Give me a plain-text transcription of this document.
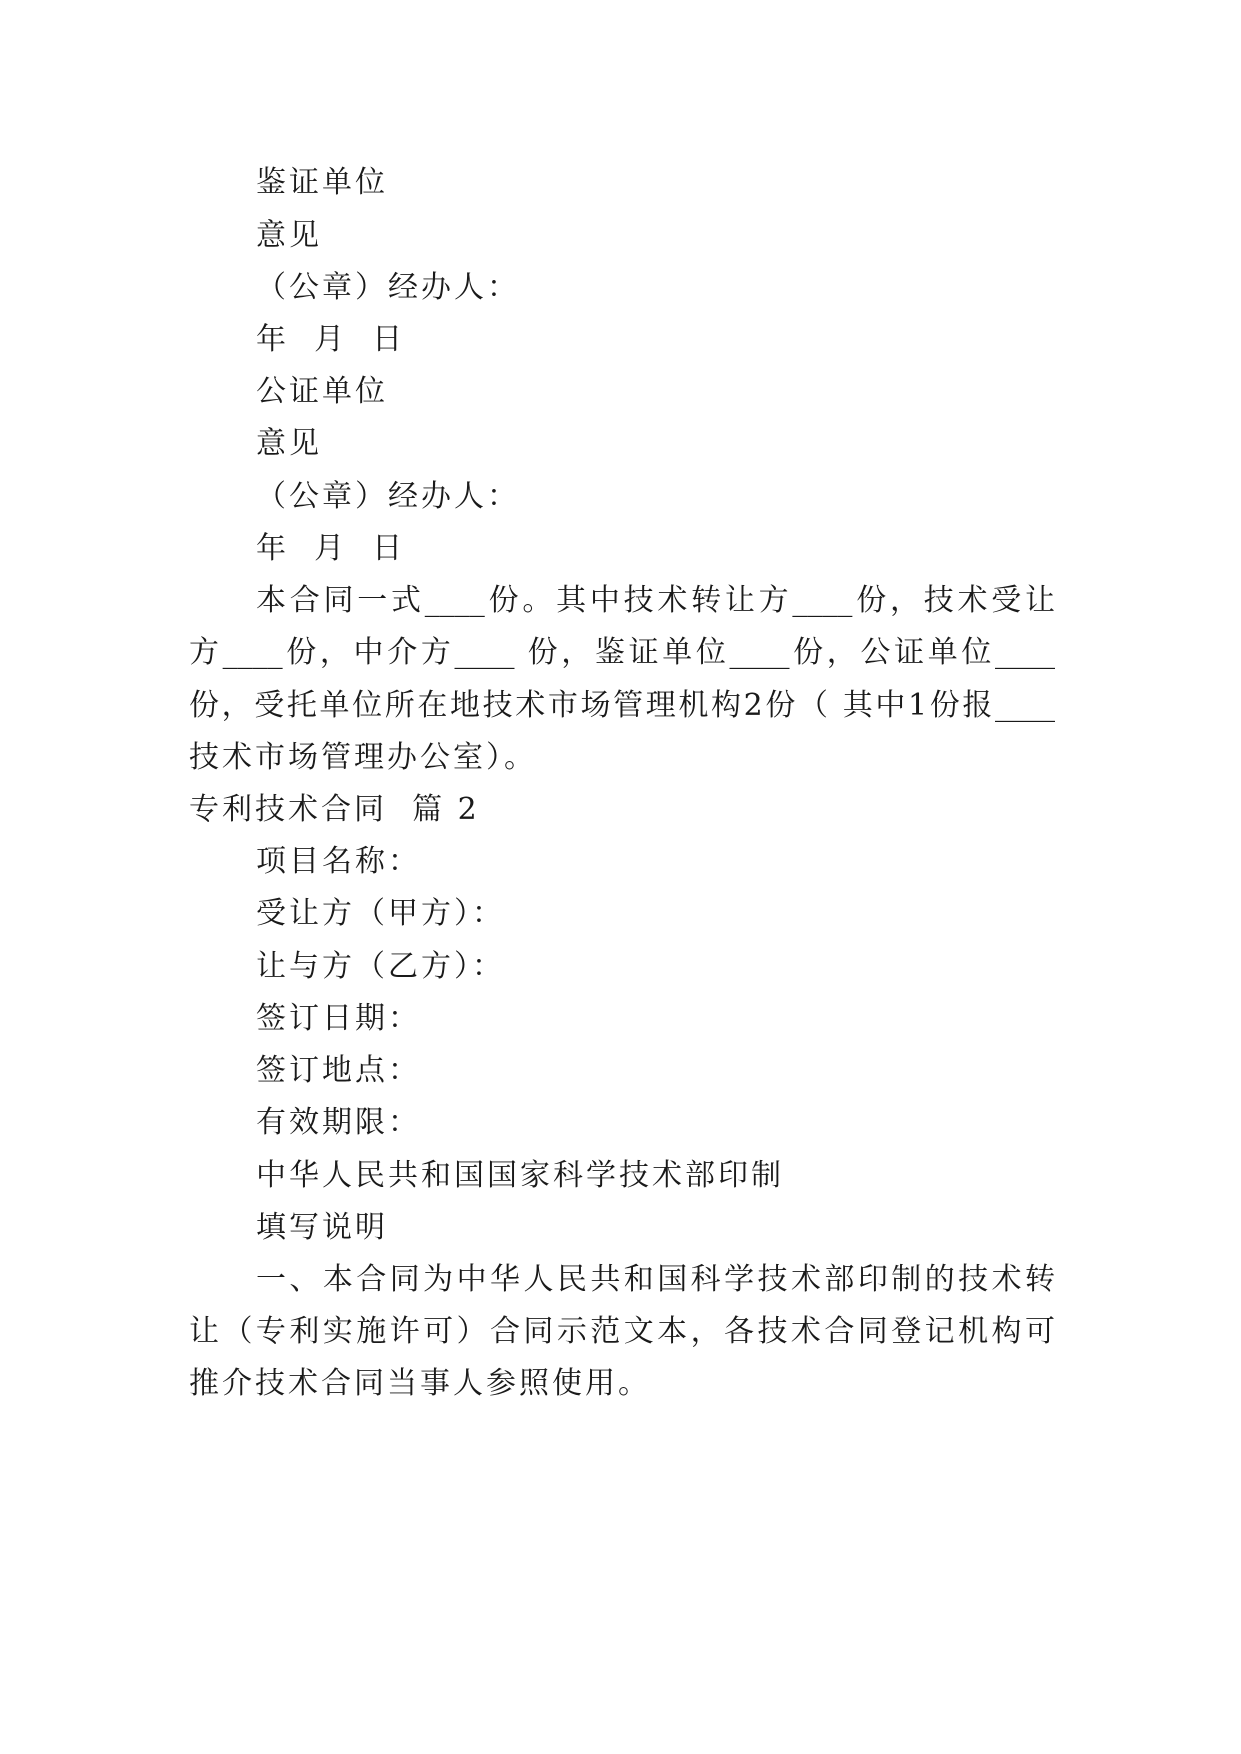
鉴证单位

意见

（公章）经办人：

年  月  日

公证单位

意见

（公章）经办人：

年  月  日

本合同一式____份。其中技术转让方____份，技术受让

方____份，中介方____ 份，鉴证单位____份，公证单位____

份，受托单位所在地技术市场管理机构2份（ 其中1份报____

技术市场管理办公室）。

专利技术合同  篇 2

项目名称：

受让方（甲方）：

让与方（乙方）：

签订日期：

签订地点：

有效期限：

中华人民共和国国家科学技术部印制

填写说明

一、本合同为中华人民共和国科学技术部印制的技术转

让（专利实施许可）合同示范文本，各技术合同登记机构可

推介技术合同当事人参照使用。
